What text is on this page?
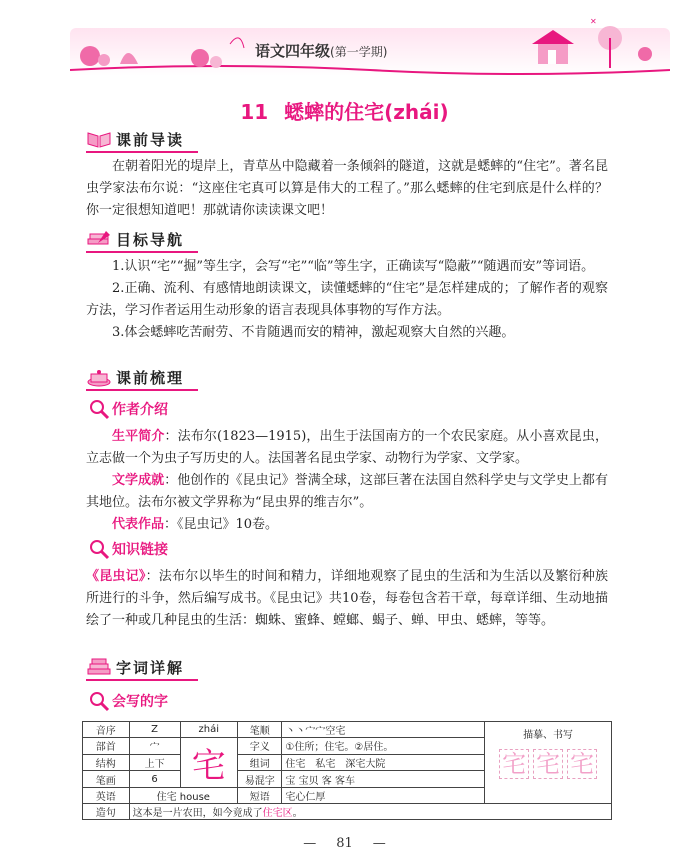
✕
语文四年级(第一学期)
11 蟋蟀的住宅(zhái)
课前导读

在朝着阳光的堤岸上，青草丛中隐藏着一条倾斜的隧道，这就是蟋蟀的“住宅”。著名昆虫学家法布尔说：“这座住宅真可以算是伟大的工程了。”那么蟋蟀的住宅到底是什么样的？你一定很想知道吧！那就请你读读课文吧！

目标导航

1.认识“宅”“掘”等生字，会写“宅”“临”等生字，正确读写“隐蔽”“随遇而安”等词语。

2.正确、流利、有感情地朗读课文，读懂蟋蟀的“住宅”是怎样建成的；了解作者的观察方法，学习作者运用生动形象的语言表现具体事物的写作方法。

3.体会蟋蟀吃苦耐劳、不肯随遇而安的精神，激起观察大自然的兴趣。

课前梳理
作者介绍

生平简介：法布尔(1823—1915)，出生于法国南方的一个农民家庭。从小喜欢昆虫，立志做一个为虫子写历史的人。法国著名昆虫学家、动物行为学家、文学家。

文学成就：他创作的《昆虫记》誉满全球，这部巨著在法国自然科学史与文学史上都有其地位。法布尔被文学界称为“昆虫界的维吉尔”。

代表作品：《昆虫记》10卷。

知识链接

《昆虫记》：法布尔以毕生的时间和精力，详细地观察了昆虫的生活和为生活以及繁衍种族所进行的斗争，然后编写成书。《昆虫记》共10卷，每卷包含若干章，每章详细、生动地描绘了一种或几种昆虫的生活：蜘蛛、蜜蜂、螳螂、蝎子、蝉、甲虫、蟋蟀，等等。

字词详解
会写的字
音序	Z	zhái	笔顺	丶丶宀宀空宅	描摹、书写
宅 宅 宅

部首	宀	宅	字义	①住所；住宅。②居住。	
结构	上下		组词	住宅　私宅　深宅大院	
笔画	6		易混字	宝 宝贝 客 客车	
英语	住宅 house		短语	宅心仁厚	
造句	这本是一片农田，如今竟成了住宅区。				
— 81 —
